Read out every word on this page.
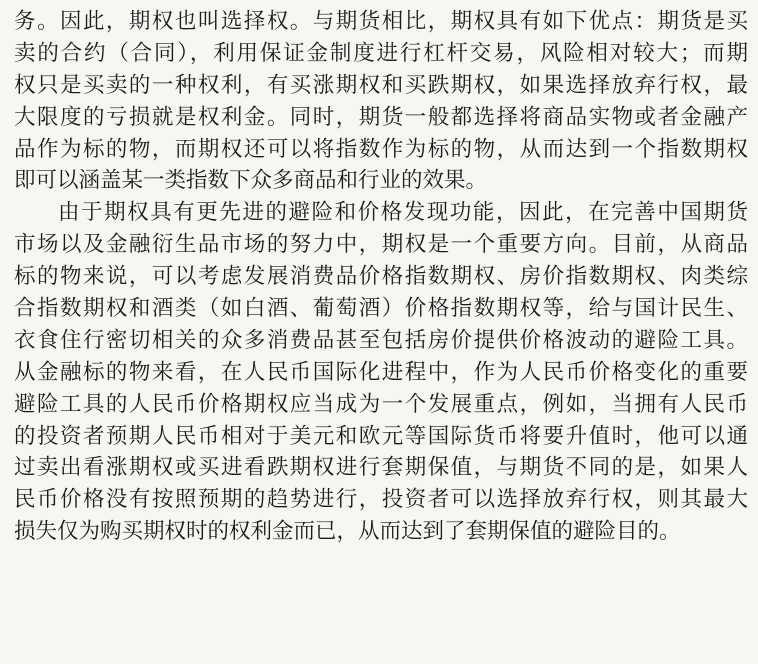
务。因此，期权也叫选择权。与期货相比，期权具有如下优点：期货是买
卖的合约（合同），利用保证金制度进行杠杆交易，风险相对较大；而期
权只是买卖的一种权利，有买涨期权和买跌期权，如果选择放弃行权，最
大限度的亏损就是权利金。同时，期货一般都选择将商品实物或者金融产
品作为标的物，而期权还可以将指数作为标的物，从而达到一个指数期权
即可以涵盖某一类指数下众多商品和行业的效果。
由于期权具有更先进的避险和价格发现功能，因此，在完善中国期货
市场以及金融衍生品市场的努力中，期权是一个重要方向。目前，从商品
标的物来说，可以考虑发展消费品价格指数期权、房价指数期权、肉类综
合指数期权和酒类（如白酒、葡萄酒）价格指数期权等，给与国计民生、
衣食住行密切相关的众多消费品甚至包括房价提供价格波动的避险工具。
从金融标的物来看，在人民币国际化进程中，作为人民币价格变化的重要
避险工具的人民币价格期权应当成为一个发展重点，例如，当拥有人民币
的投资者预期人民币相对于美元和欧元等国际货币将要升值时，他可以通
过卖出看涨期权或买进看跌期权进行套期保值，与期货不同的是，如果人
民币价格没有按照预期的趋势进行，投资者可以选择放弃行权，则其最大
损失仅为购买期权时的权利金而已，从而达到了套期保值的避险目的。
